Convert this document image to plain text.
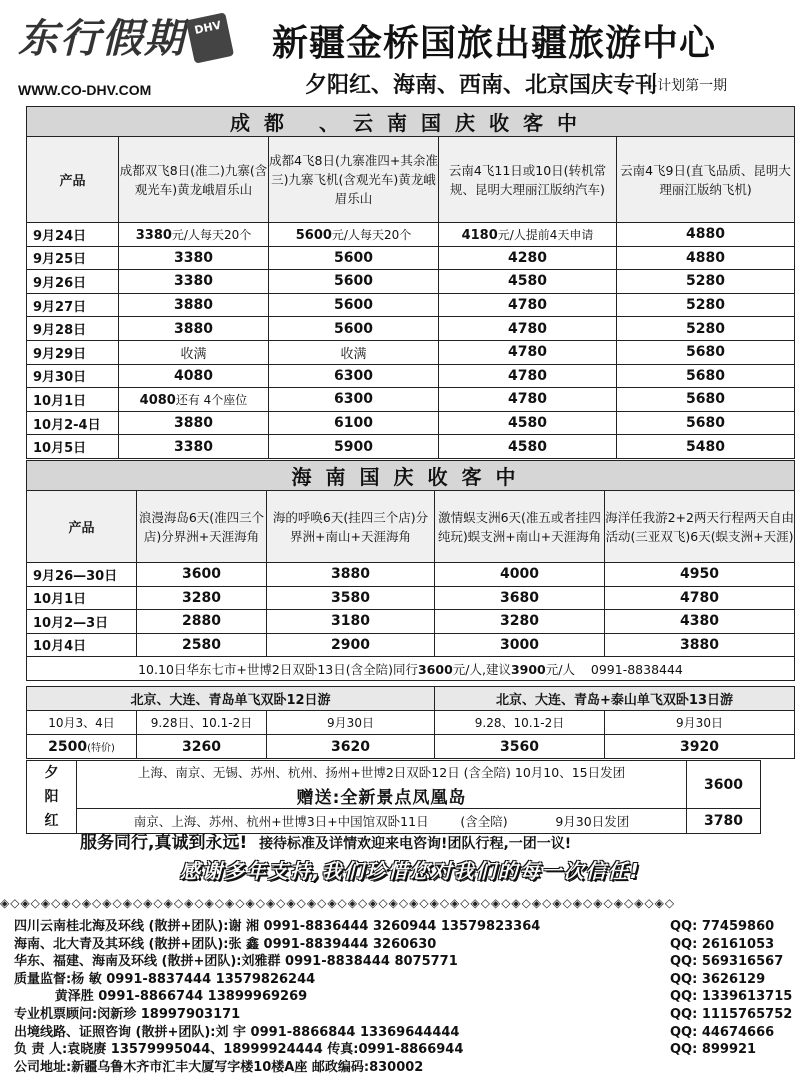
东行假期 DHV
WWW.CO-DHV.COM
新疆金桥国旅出疆旅游中心
夕阳红、海南、西南、北京国庆专刊
---计划第一期
成都 、云南国庆收客中				
产品	成都双飞8日(准二)九寨(含观光车)黄龙峨眉乐山	成都4飞8日(九寨准四+其余准三)九寨飞机(含观光车)黄龙峨眉乐山	云南4飞11日或10日(转机常规、昆明大理丽江版纳汽车)	云南4飞9日(直飞品质、昆明大理丽江版纳飞机)
9月24日	3380元/人每天20个	5600元/人每天20个	4180元/人提前4天申请	4880
9月25日	3380	5600	4280	4880
9月26日	3380	5600	4580	5280
9月27日	3880	5600	4780	5280
9月28日	3880	5600	4780	5280
9月29日	收满	收满	4780	5680
9月30日	4080	6300	4780	5680
10月1日	4080还有 4个座位	6300	4780	5680
10月2-4日	3880	6100	4580	5680
10月5日	3380	5900	4580	5480
海南国庆收客中				
产品	浪漫海岛6天(准四三个店)分界洲+天涯海角	海的呼唤6天(挂四三个店)分界洲+南山+天涯海角	激情蜈支洲6天(准五或者挂四纯玩)蜈支洲+南山+天涯海角	海洋任我游2+2两天行程两天自由活动(三亚双飞)6天(蜈支洲+天涯)
9月26—30日	3600	3880	4000	4950
10月1日	3280	3580	3680	4780
10月2—3日	2880	3180	3280	4380
10月4日	2580	2900	3000	3880
10.10日华东七市+世博2日双卧13日(含全陪)同行3600元/人,建议3900元/人 0991-8838444				
北京、大连、青岛单飞双卧12日游			北京、大连、青岛+泰山单飞双卧13日游	
10月3、4日	9.28日、10.1-2日	9月30日	9.28、10.1-2日	9月30日
2500(特价)	3260	3620	3560	3920
夕阳红	上海、南京、无锡、苏州、杭州、扬州+世博2日双卧12日 (含全陪) 10月10、15日发团	3600
	赠送:全新景点凤凰岛	
	南京、上海、苏州、杭州+世博3日+中国馆双卧11日 (含全陪) 9月30日发团	3780
服务同行,真诚到永远! 接待标准及详情欢迎来电咨询!团队行程,一团一议!
感谢多年支持,我们珍惜您对我们的每一次信任!
◈◇◈◇◈◇◈◇◈◇◈◇◈◇◈◇◈◇◈◇◈◇◈◇◈◇◈◇◈◇◈◇◈◇◈◇◈◇◈◇◈◇◈◇◈◇◈◇◈◇◈◇◈◇◈◇◈◇◈◇◈◇◈◇◈◇
四川云南桂北海及环线 (散拼+团队):谢 湘 0991-8836444 3260944 13579823364	QQ: 77459860
海南、北大青及其环线 (散拼+团队):张 鑫 0991-8839444 3260630	QQ: 26161053
华东、福建、海南及环线 (散拼+团队):刘雅群 0991-8838444 8075771	QQ: 569316567
质量监督:杨 敏 0991-8837444 13579826244	QQ: 3626129
黄泽胜 0991-8866744 13899969269	QQ: 1339613715
专业机票顾问:闵新珍 18997903171	QQ: 1115765752
出境线路、证照咨询 (散拼+团队):刘 宇 0991-8866844 13369644444	QQ: 44674666
负 责 人:袁晓赓 13579995044、18999924444 传真:0991-8866944	QQ: 899921
公司地址:新疆乌鲁木齐市汇丰大厦写字楼10楼A座 邮政编码:830002
